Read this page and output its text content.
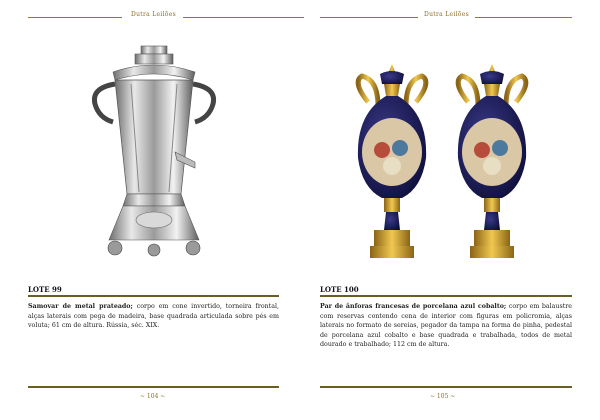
Dutra Leilões
LOTE 99
Samovar de metal prateado; corpo em cone invertido, torneira frontal, alças laterais com pega de madeira, base quadrada articulada sobre pés em voluta; 61 cm de altura. Rússia, séc. XIX.
~ 104 ~
Dutra Leilões
LOTE 100
Par de ânforas francesas de porcelana azul cobalto; corpo em balaustre com reservas contendo cena de interior com figuras em policromia, alças laterais no formato de sereias, pegador da tampa na forma de pinha, pedestal de porcelana azul cobalto e base quadrada e trabalhada, todos de metal dourado e trabalhado; 112 cm de altura.
~ 105 ~
